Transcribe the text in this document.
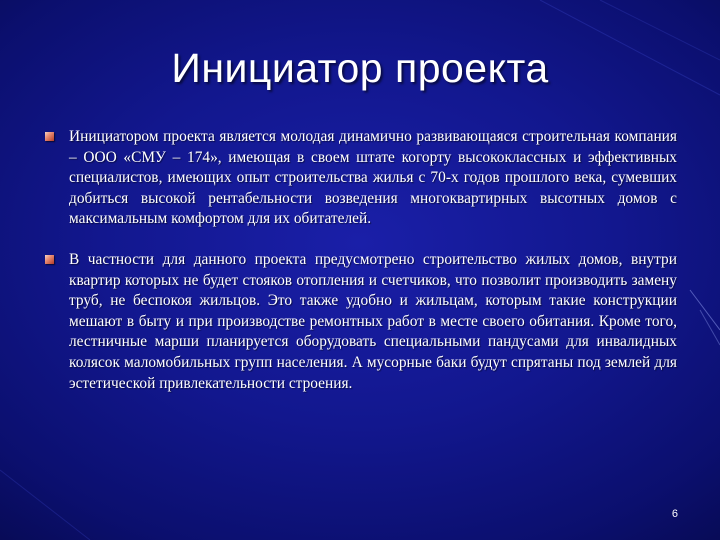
Инициатор проекта
Инициатором проекта является молодая динамично развивающаяся строительная компания – ООО «СМУ – 174», имеющая в своем штате когорту высококлассных и эффективных специалистов, имеющих опыт строительства жилья с 70-х годов прошлого века, сумевших добиться высокой рентабельности возведения многоквартирных высотных домов с максимальным комфортом для их обитателей.
В частности для данного проекта предусмотрено строительство жилых домов, внутри квартир которых не будет стояков отопления и счетчиков, что позволит производить замену труб, не беспокоя жильцов. Это также удобно и жильцам, которым такие конструкции мешают в быту и при производстве ремонтных работ в месте своего обитания. Кроме того, лестничные марши планируется оборудовать специальными пандусами для инвалидных колясок маломобильных групп населения. А мусорные баки будут спрятаны под землей для эстетической привлекательности строения.
6
